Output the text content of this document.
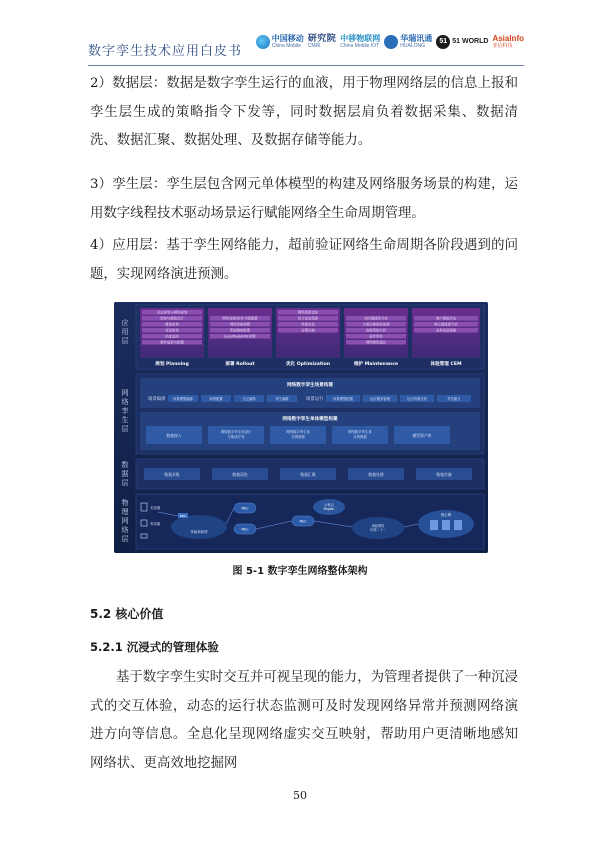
数字孪生技术应用白皮书
中国移动
China Mobile
研究院
CMRI
中移物联网
China Mobile IOT
华瑞讯通
HUALONG
51 51 WORLD AsiaInfo
亚信科技
2）数据层：数据是数字孪生运行的血液，用于物理网络层的信息上报和孪生层生成的策略指令下发等，同时数据层肩负着数据采集、数据清洗、数据汇聚、数据处理、及数据存储等能力。
3）孪生层：孪生层包含网元单体模型的构建及网络服务场景的构建，运用数字线程技术驱动场景运行赋能网络全生命周期管理。
4）应用层：基于孪生网络能力，超前验证网络生命周期各阶段遇到的问题，实现网络演进预测。
应用层
网络孪生层
数据层
物理网络层
动态规划与网络规划
架构与链路设计
覆盖规划
容量规划
站址选择
硬件选型与配置
规划 Planning
网络参数/软件升级配置
网络切换调整
系统割接配置
IaaS/PaaS/VNF部署
部署 Rollout
网络资源优化
切片质量保障
性能优化
告警压缩
优化 Optimization
实时健康性评估
主要运维指标预测
故障智能分析
备件库存
网络修复建议
维护 Maintenance
客户感知评估
网元健康度评估
业务质量保障
体验管理 CEM
网络数字孪生场景构建
场景编排 场景模型编排	规则配置	交互编排	孪生编辑	场景运行	场景模型配置	运行服务管理	运行结果分析	孪生能力
网络数字孪生单体模型构建
数据接入
网络数字孪生体设计与集成开发
网络数字孪生体实例管理
网络数字孪生体实例图谱	模型资产库
数据采集	数据清洗	数据汇聚	数据处理	数据存储
无线端
有线端
传输承载网
BBU
MEC
MEC
MEC
公有云 Region
承载网络环网二十一
核心网
图 5-1 数字孪生网络整体架构
5.2 核心价值
5.2.1 沉浸式的管理体验
基于数字孪生实时交互并可视呈现的能力，为管理者提供了一种沉浸式的交互体验，动态的运行状态监测可及时发现网络异常并预测网络演进方向等信息。全息化呈现网络虚实交互映射，帮助用户更清晰地感知网络状、更高效地挖掘网
50
